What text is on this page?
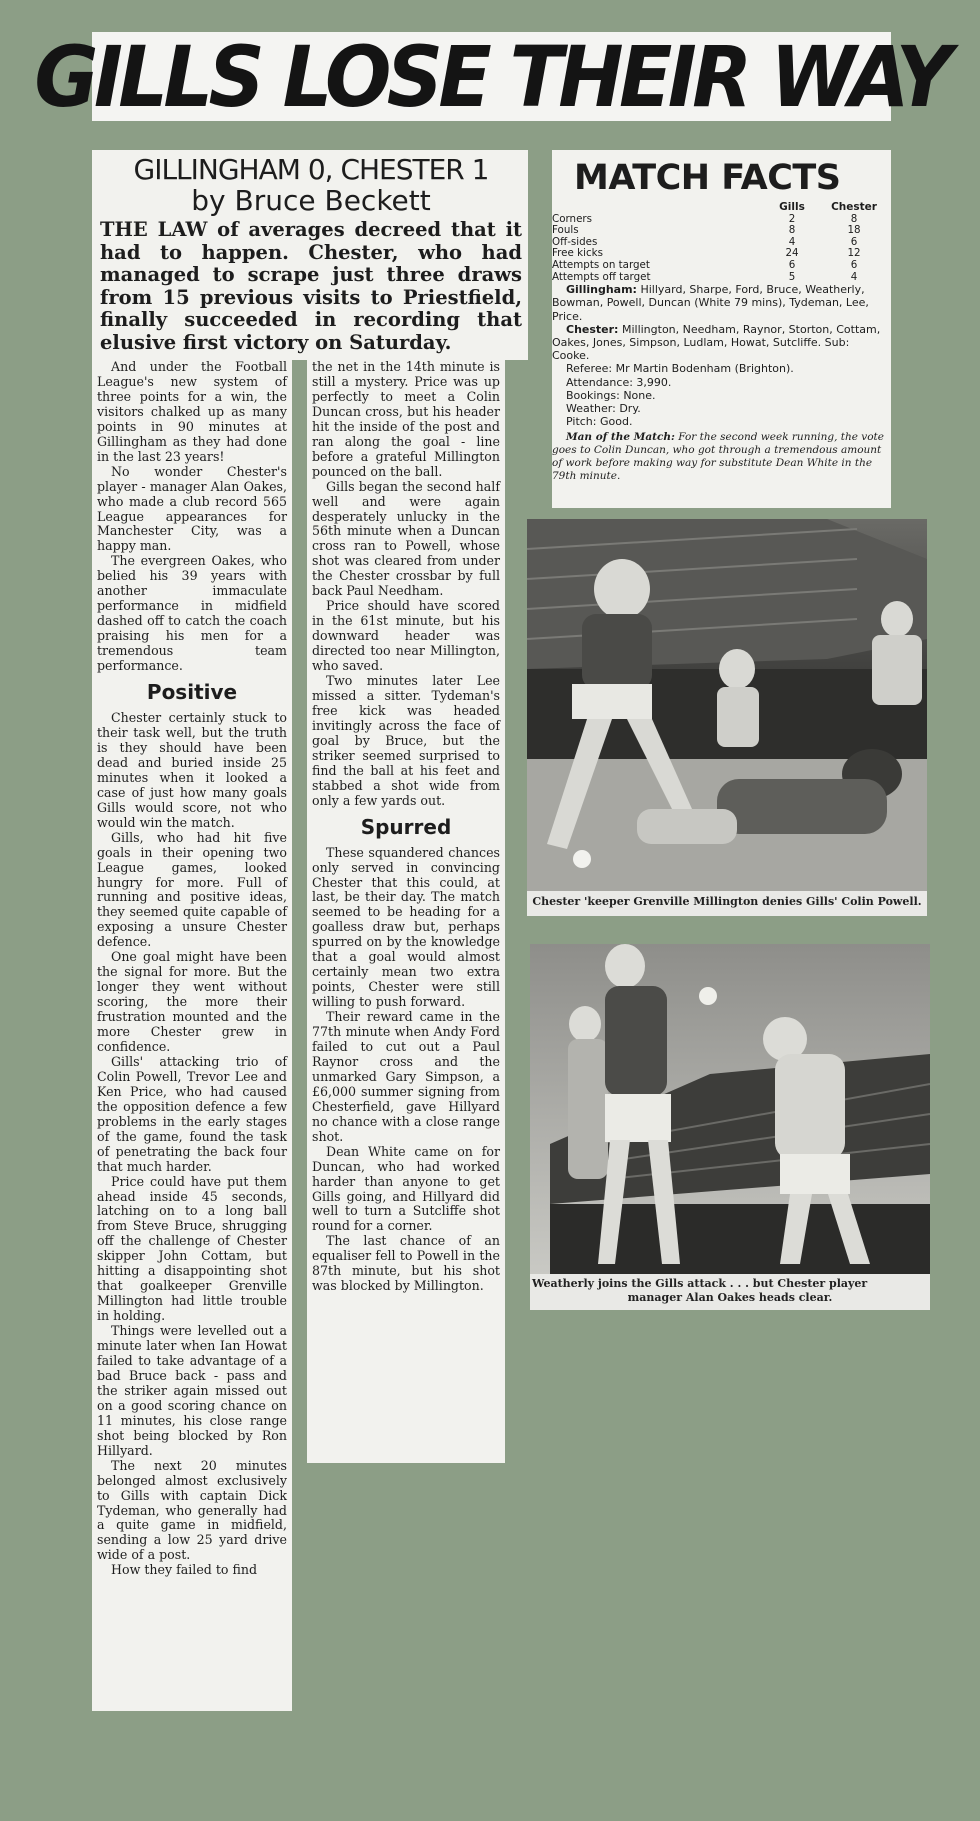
GILLS LOSE THEIR WAY

GILLINGHAM 0, CHESTER 1

by Bruce Beckett

THE LAW of averages decreed that it had to happen. Chester, who had managed to scrape just three draws from 15 previous visits to Priestfield, finally succeeded in recording that elusive first victory on Saturday.

And under the Football League's new system of three points for a win, the visitors chalked up as many points in 90 minutes at Gillingham as they had done in the last 23 years!

No wonder Chester's player - manager Alan Oakes, who made a club record 565 League appearances for Manchester City, was a happy man.

The evergreen Oakes, who belied his 39 years with another immaculate performance in midfield dashed off to catch the coach praising his men for a tremendous team performance.

Positive

Chester certainly stuck to their task well, but the truth is they should have been dead and buried inside 25 minutes when it looked a case of just how many goals Gills would score, not who would win the match.

Gills, who had hit five goals in their opening two League games, looked hungry for more. Full of running and positive ideas, they seemed quite capable of exposing a unsure Chester defence.

One goal might have been the signal for more. But the longer they went without scoring, the more their frustration mounted and the more Chester grew in confidence.

Gills' attacking trio of Colin Powell, Trevor Lee and Ken Price, who had caused the opposition defence a few problems in the early stages of the game, found the task of penetrating the back four that much harder.

Price could have put them ahead inside 45 seconds, latching on to a long ball from Steve Bruce, shrugging off the challenge of Chester skipper John Cottam, but hitting a disappointing shot that goalkeeper Grenville Millington had little trouble in holding.

Things were levelled out a minute later when Ian Howat failed to take advantage of a bad Bruce back - pass and the striker again missed out on a good scoring chance on 11 minutes, his close range shot being blocked by Ron Hillyard.

The next 20 minutes belonged almost exclusively to Gills with captain Dick Tydeman, who generally had a quite game in midfield, sending a low 25 yard drive wide of a post.

How they failed to find

the net in the 14th minute is still a mystery. Price was up perfectly to meet a Colin Duncan cross, but his header hit the inside of the post and ran along the goal - line before a grateful Millington pounced on the ball.

Gills began the second half well and were again desperately unlucky in the 56th minute when a Duncan cross ran to Powell, whose shot was cleared from under the Chester crossbar by full back Paul Needham.

Price should have scored in the 61st minute, but his downward header was directed too near Millington, who saved.

Two minutes later Lee missed a sitter. Tydeman's free kick was headed invitingly across the face of goal by Bruce, but the striker seemed surprised to find the ball at his feet and stabbed a shot wide from only a few yards out.

Spurred

These squandered chances only served in convincing Chester that this could, at last, be their day. The match seemed to be heading for a goalless draw but, perhaps spurred on by the knowledge that a goal would almost certainly mean two extra points, Chester were still willing to push forward.

Their reward came in the 77th minute when Andy Ford failed to cut out a Paul Raynor cross and the unmarked Gary Simpson, a £6,000 summer signing from Chesterfield, gave Hillyard no chance with a close range shot.

Dean White came on for Duncan, who had worked harder than anyone to get Gills going, and Hillyard did well to turn a Sutcliffe shot round for a corner.

The last chance of an equaliser fell to Powell in the 87th minute, but his shot was blocked by Millington.

MATCH FACTS

	Gills	Chester
Corners	2	8
Fouls	8	18
Off-sides	4	6
Free kicks	24	12
Attempts on target	6	6
Attempts off target	5	4

Gillingham: Hillyard, Sharpe, Ford, Bruce, Weatherly, Bowman, Powell, Duncan (White 79 mins), Tydeman, Lee, Price.

Chester: Millington, Needham, Raynor, Storton, Cottam, Oakes, Jones, Simpson, Ludlam, Howat, Sutcliffe. Sub: Cooke.

Referee: Mr Martin Bodenham (Brighton).

Attendance: 3,990.

Bookings: None.

Weather: Dry.

Pitch: Good.

Man of the Match: For the second week running, the vote goes to Colin Duncan, who got through a tremendous amount of work before making way for substitute Dean White in the 79th minute.

Chester 'keeper Grenville Millington denies Gills' Colin Powell.
Weatherly joins the Gills attack . . . but Chester player
manager Alan Oakes heads clear.
